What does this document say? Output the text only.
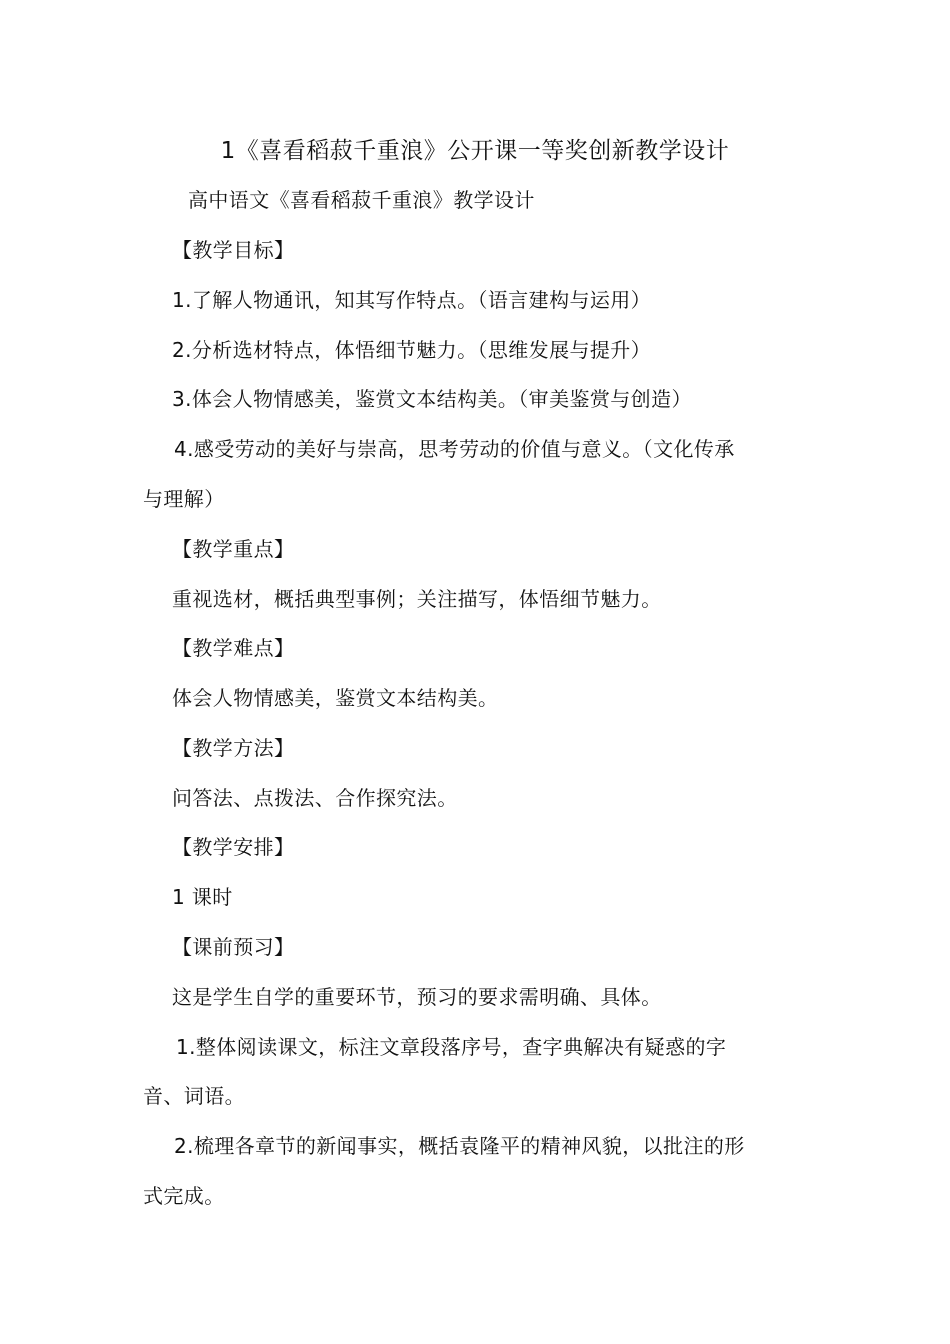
1《喜看稻菽千重浪》公开课一等奖创新教学设计
高中语文《喜看稻菽千重浪》教学设计
【教学目标】
1.了解人物通讯，知其写作特点。（语言建构与运用）
2.分析选材特点，体悟细节魅力。（思维发展与提升）
3.体会人物情感美，鉴赏文本结构美。（审美鉴赏与创造）
4.感受劳动的美好与崇高，思考劳动的价值与意义。（文化传承
与理解）
【教学重点】
重视选材，概括典型事例；关注描写，体悟细节魅力。
【教学难点】
体会人物情感美，鉴赏文本结构美。
【教学方法】
问答法、点拨法、合作探究法。
【教学安排】
1 课时
【课前预习】
这是学生自学的重要环节，预习的要求需明确、具体。
1.整体阅读课文，标注文章段落序号，查字典解决有疑惑的字
音、词语。
2.梳理各章节的新闻事实，概括袁隆平的精神风貌，以批注的形
式完成。
